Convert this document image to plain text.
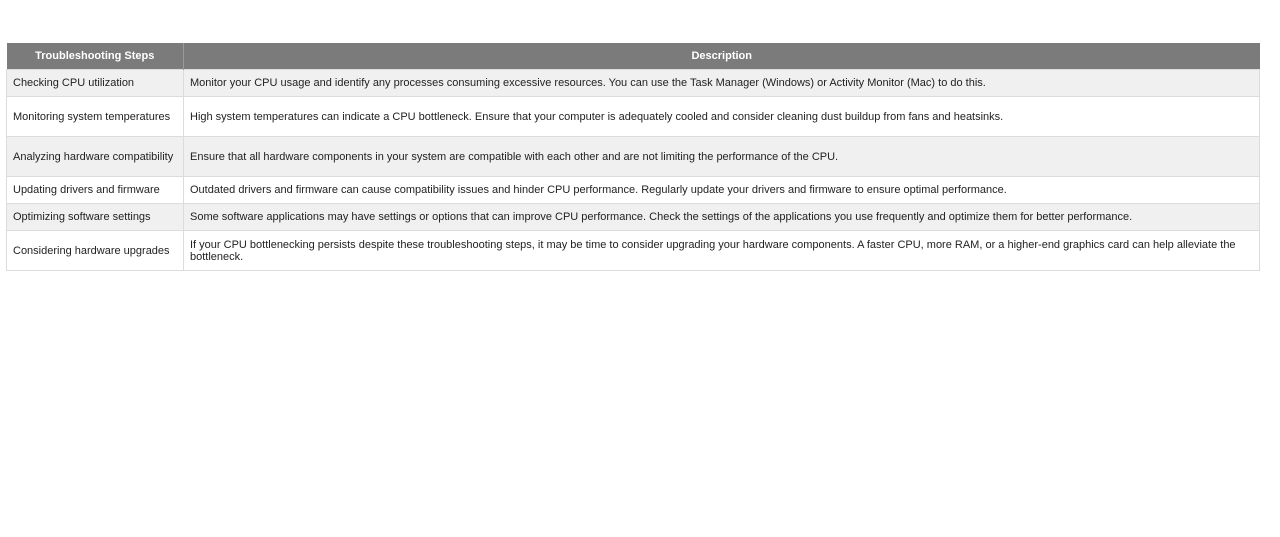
Troubleshooting Steps	Description
Checking CPU utilization	Monitor your CPU usage and identify any processes consuming excessive resources. You can use the Task Manager (Windows) or Activity Monitor (Mac) to do this.
Monitoring system temperatures	High system temperatures can indicate a CPU bottleneck. Ensure that your computer is adequately cooled and consider cleaning dust buildup from fans and heatsinks.
Analyzing hardware compatibility	Ensure that all hardware components in your system are compatible with each other and are not limiting the performance of the CPU.
Updating drivers and firmware	Outdated drivers and firmware can cause compatibility issues and hinder CPU performance. Regularly update your drivers and firmware to ensure optimal performance.
Optimizing software settings	Some software applications may have settings or options that can improve CPU performance. Check the settings of the applications you use frequently and optimize them for better performance.
Considering hardware upgrades	If your CPU bottlenecking persists despite these troubleshooting steps, it may be time to consider upgrading your hardware components. A faster CPU, more RAM, or a higher-end graphics card can help alleviate the bottleneck.
